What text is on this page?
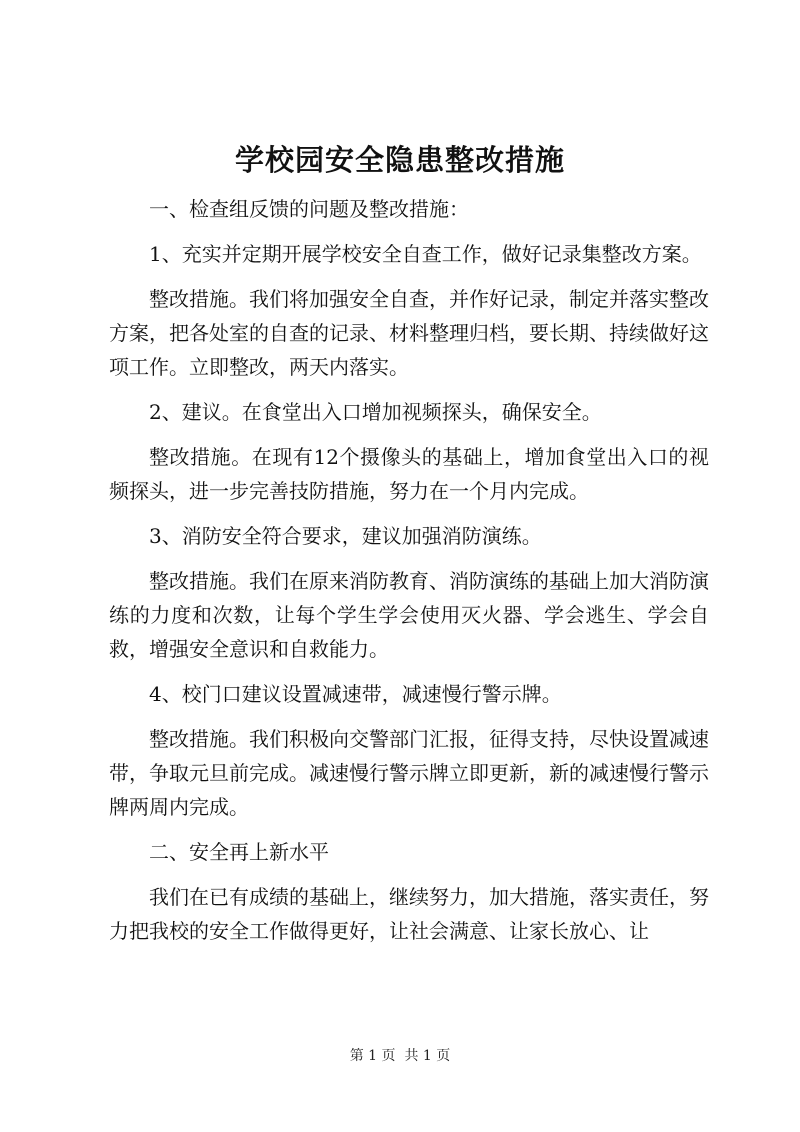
学校园安全隐患整改措施

一、检查组反馈的问题及整改措施：

1、充实并定期开展学校安全自查工作，做好记录集整改方案。

整改措施。我们将加强安全自查，并作好记录，制定并落实整改方案，把各处室的自查的记录、材料整理归档，要长期、持续做好这项工作。立即整改，两天内落实。

2、建议。在食堂出入口增加视频探头，确保安全。

整改措施。在现有12个摄像头的基础上，增加食堂出入口的视频探头，进一步完善技防措施，努力在一个月内完成。

3、消防安全符合要求，建议加强消防演练。

整改措施。我们在原来消防教育、消防演练的基础上加大消防演练的力度和次数，让每个学生学会使用灭火器、学会逃生、学会自救，增强安全意识和自救能力。

4、校门口建议设置减速带，减速慢行警示牌。

整改措施。我们积极向交警部门汇报，征得支持，尽快设置减速带，争取元旦前完成。减速慢行警示牌立即更新，新的减速慢行警示牌两周内完成。

二、安全再上新水平

我们在已有成绩的基础上，继续努力，加大措施，落实责任，努力把我校的安全工作做得更好，让社会满意、让家长放心、让

第 1 页 共 1 页
